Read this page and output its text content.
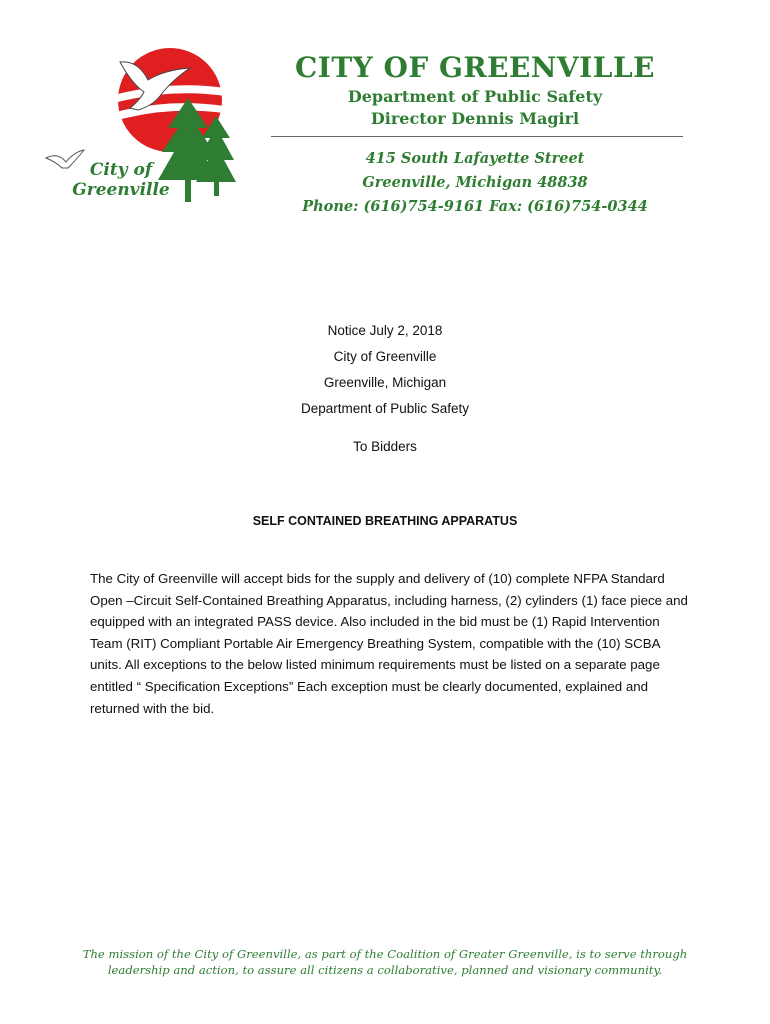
City of
Greenville
CITY OF GREENVILLE
Department of Public Safety
Director Dennis Magirl
415 South Lafayette Street
Greenville, Michigan 48838
Phone: (616)754-9161 Fax: (616)754-0344
Notice July 2, 2018
City of Greenville
Greenville, Michigan
Department of Public Safety
To Bidders
SELF CONTAINED BREATHING APPARATUS
The City of Greenville will accept bids for the supply and delivery of (10) complete NFPA Standard Open –Circuit Self-Contained Breathing Apparatus, including harness, (2) cylinders (1) face piece and equipped with an integrated PASS device. Also included in the bid must be (1) Rapid Intervention Team (RIT) Compliant Portable Air Emergency Breathing System, compatible with the (10) SCBA units. All exceptions to the below listed minimum requirements must be listed on a separate page entitled “ Specification Exceptions” Each exception must be clearly documented, explained and returned with the bid.
The mission of the City of Greenville, as part of the Coalition of Greater Greenville, is to serve through leadership and action, to assure all citizens a collaborative, planned and visionary community.
